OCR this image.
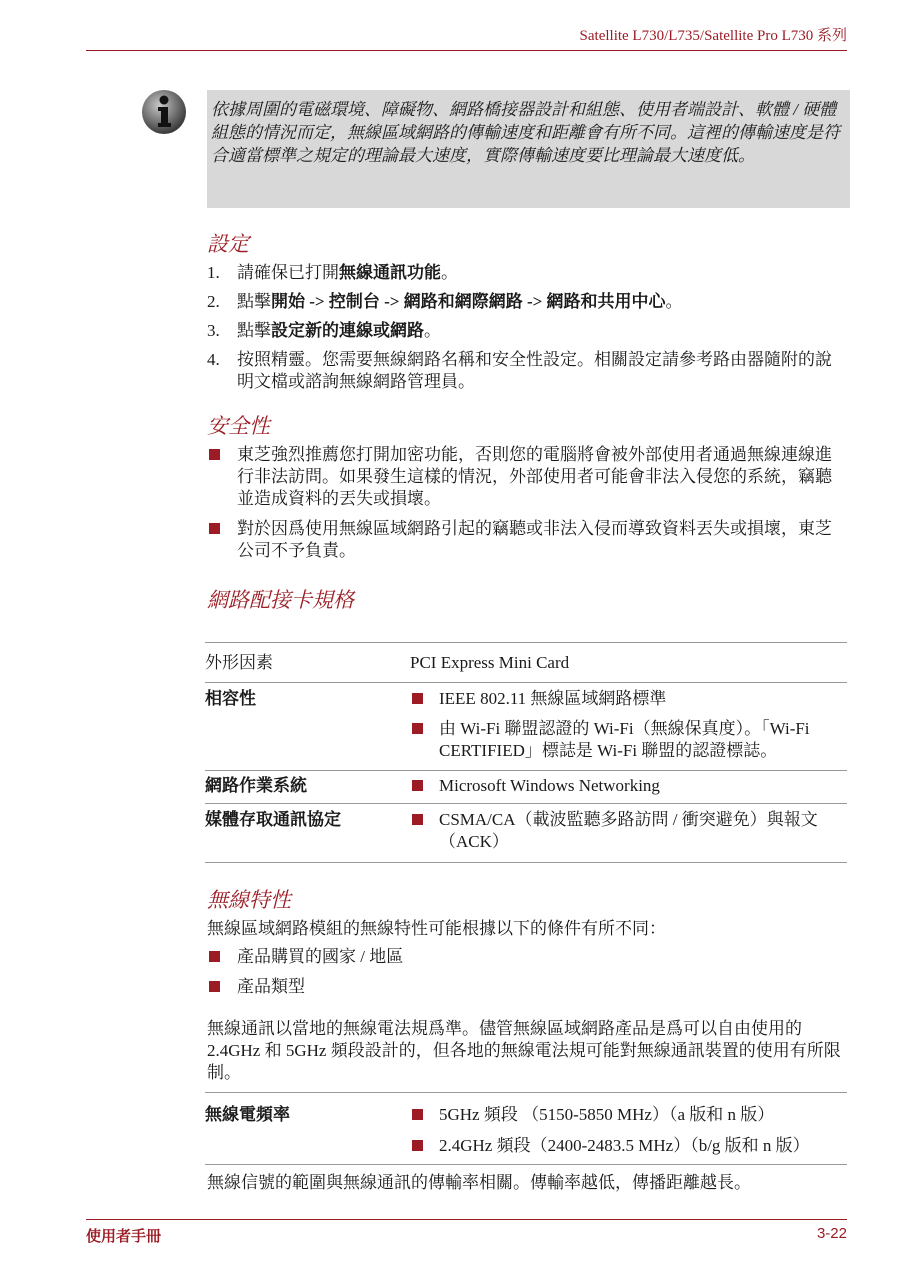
Satellite L730/L735/Satellite Pro L730 系列
依據周圍的電磁環境、障礙物、網路橋接器設計和組態、使用者端設計、軟體 / 硬體組態的情況而定，無線區域網路的傳輸速度和距離會有所不同。這裡的傳輸速度是符合適當標準之規定的理論最大速度，實際傳輸速度要比理論最大速度低。
設定
1.	請確保已打開無線通訊功能。
2.	點擊開始 -> 控制台 -> 網路和網際網路 -> 網路和共用中心。
3.	點擊設定新的連線或網路。
4.	按照精靈。您需要無線網路名稱和安全性設定。相關設定請參考路由器隨附的說明文檔或諮詢無線網路管理員。
安全性
東芝強烈推薦您打開加密功能，否則您的電腦將會被外部使用者通過無線連線進行非法訪問。如果發生這樣的情況，外部使用者可能會非法入侵您的系統，竊聽並造成資料的丟失或損壞。
對於因爲使用無線區域網路引起的竊聽或非法入侵而導致資料丟失或損壞，東芝公司不予負責。
網路配接卡規格
外形因素	PCI Express Mini Card
相容性	IEEE 802.11 無線區域網路標準
由 Wi-Fi 聯盟認證的 Wi-Fi（無線保真度）。「Wi-Fi CERTIFIED」標誌是 Wi-Fi 聯盟的認證標誌。
網路作業系統	Microsoft Windows Networking
媒體存取通訊協定	CSMA/CA（載波監聽多路訪問 / 衝突避免）與報文 （ACK）
無線特性
無線區域網路模組的無線特性可能根據以下的條件有所不同：
產品購買的國家 / 地區
產品類型
無線通訊以當地的無線電法規爲準。儘管無線區域網路產品是爲可以自由使用的 2.4GHz 和 5GHz 頻段設計的，但各地的無線電法規可能對無線通訊裝置的使用有所限制。
無線電頻率	5GHz 頻段 （5150-5850 MHz）（a 版和 n 版）
2.4GHz 頻段（2400-2483.5 MHz）（b/g 版和 n 版）
無線信號的範圍與無線通訊的傳輸率相關。傳輸率越低，傳播距離越長。
使用者手冊	3-22
